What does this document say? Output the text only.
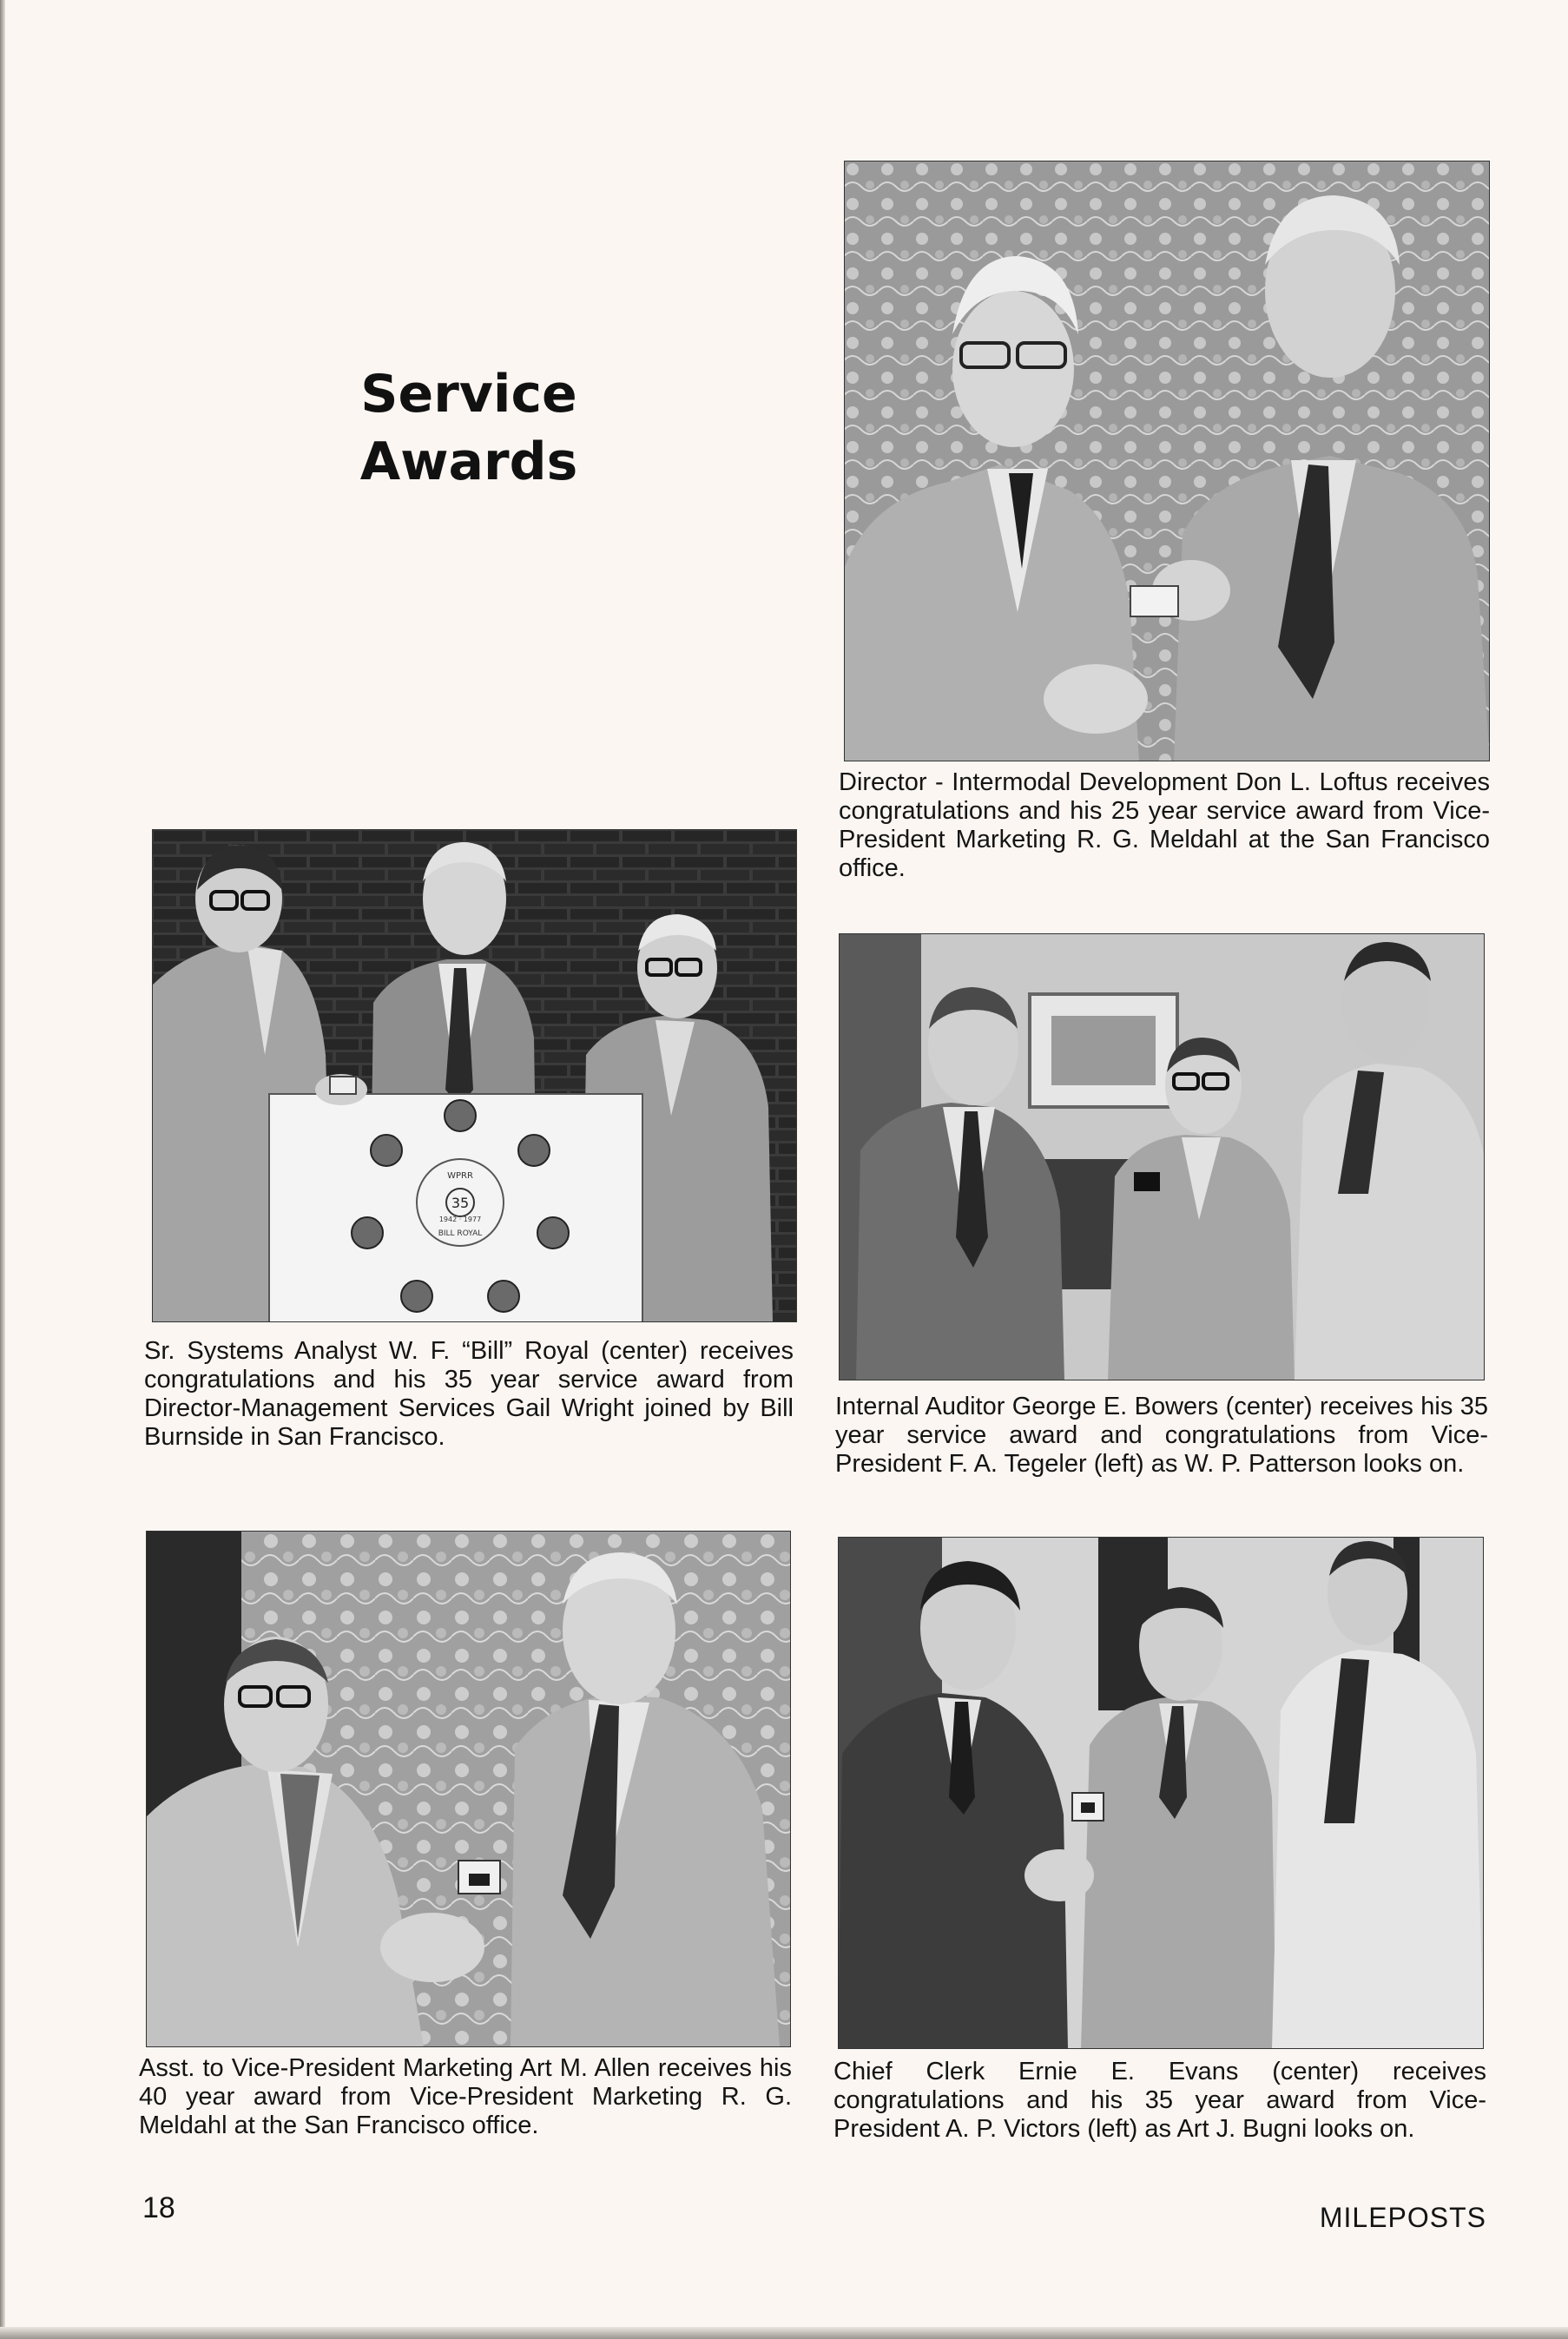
Service
Awards

Director - Intermodal Development Don L. Loftus receives congratulations and his 25 year service award from Vice-President Marketing R. G. Meldahl at the San Francisco office.

WPRR
35
1942 · 1977
BILL ROYAL

Sr. Systems Analyst W. F. “Bill” Royal (center) receives congratulations and his 35 year service award from Director-Management Services Gail Wright joined by Bill Burnside in San Francisco.

Internal Auditor George E. Bowers (center) receives his 35 year service award and congratulations from Vice-President F. A. Tegeler (left) as W. P. Patterson looks on.

Asst. to Vice-President Marketing Art M. Allen receives his 40 year award from Vice-President Marketing R. G. Meldahl at the San Francisco office.

Chief Clerk Ernie E. Evans (center) receives congratulations and his 35 year award from Vice-President A. P. Victors (left) as Art J. Bugni looks on.

18	MILEPOSTS
